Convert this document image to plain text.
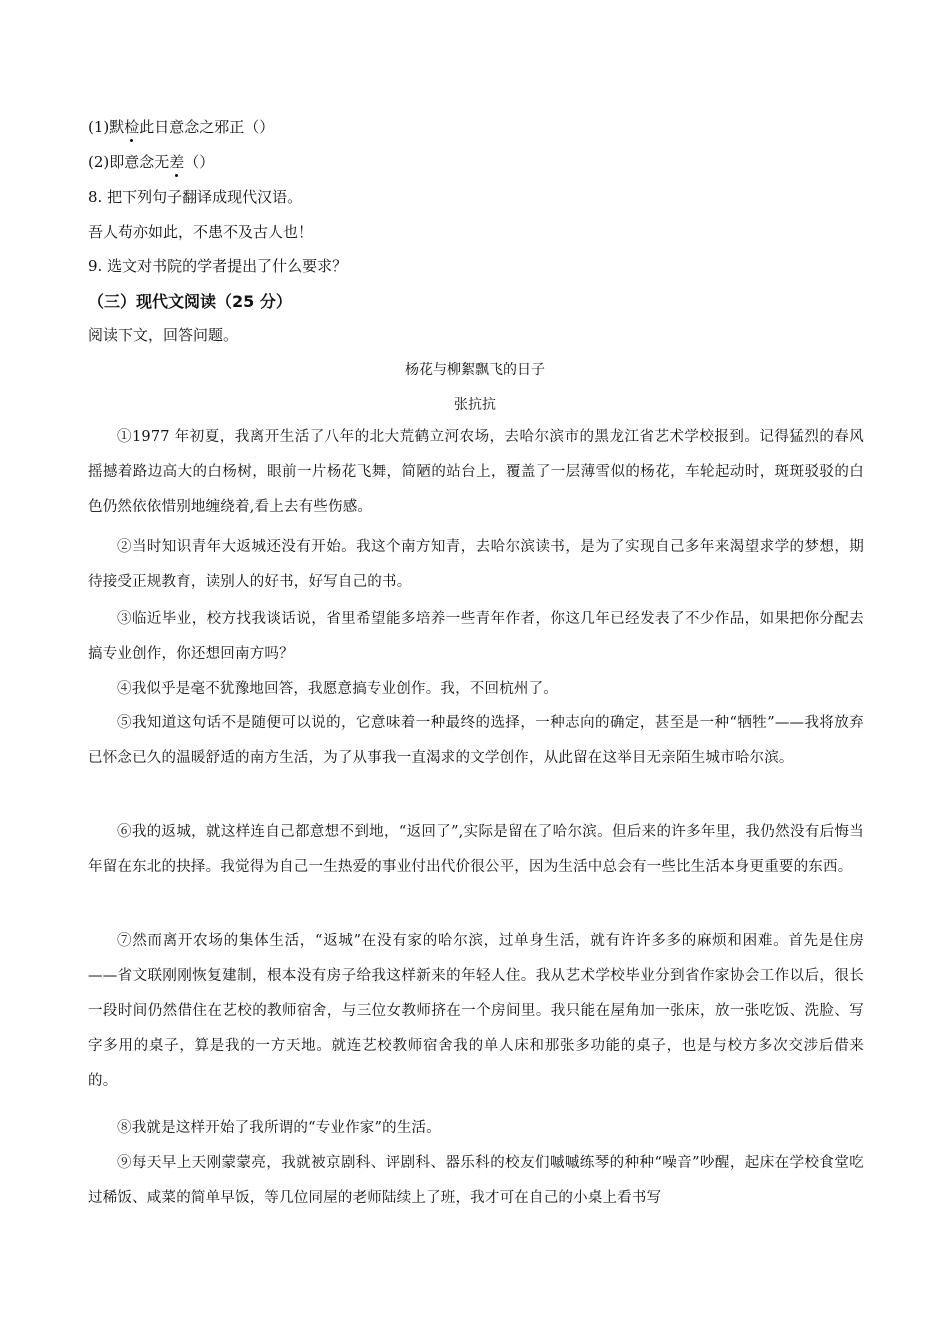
(1)默检此日意念之邪正（）
(2)即意念无差（）
8. 把下列句子翻译成现代汉语。
吾人苟亦如此，不患不及古人也！
9. 选文对书院的学者提出了什么要求？
（三）现代文阅读（25 分）
阅读下文，回答问题。
杨花与柳絮飘飞的日子
张抗抗
①1977 年初夏，我离开生活了八年的北大荒鹤立河农场，去哈尔滨市的黑龙江省艺术学校报到。记得猛烈的春风摇撼着路边高大的白杨树，眼前一片杨花飞舞，简陋的站台上，覆盖了一层薄雪似的杨花，车轮起动时，斑斑驳驳的白色仍然依依惜别地缠绕着,看上去有些伤感。
②当时知识青年大返城还没有开始。我这个南方知青，去哈尔滨读书，是为了实现自己多年来渴望求学的梦想，期待接受正规教育，读别人的好书，好写自己的书。
③临近毕业，校方找我谈话说，省里希望能多培养一些青年作者，你这几年已经发表了不少作品，如果把你分配去搞专业创作，你还想回南方吗？
④我似乎是毫不犹豫地回答，我愿意搞专业创作。我，不回杭州了。
⑤我知道这句话不是随便可以说的，它意味着一种最终的选择，一种志向的确定，甚至是一种“牺牲”——我将放弃已怀念已久的温暖舒适的南方生活，为了从事我一直渴求的文学创作，从此留在这举目无亲陌生城市哈尔滨。
⑥我的返城，就这样连自己都意想不到地，“返回了”,实际是留在了哈尔滨。但后来的许多年里，我仍然没有后悔当年留在东北的抉择。我觉得为自己一生热爱的事业付出代价很公平，因为生活中总会有一些比生活本身更重要的东西。
⑦然而离开农场的集体生活，“返城”在没有家的哈尔滨，过单身生活，就有许许多多的麻烦和困难。首先是住房——省文联刚刚恢复建制，根本没有房子给我这样新来的年轻人住。我从艺术学校毕业分到省作家协会工作以后，很长一段时间仍然借住在艺校的教师宿舍，与三位女教师挤在一个房间里。我只能在屋角加一张床，放一张吃饭、洗脸、写字多用的桌子，算是我的一方天地。就连艺校教师宿舍我的单人床和那张多功能的桌子，也是与校方多次交涉后借来的。
⑧我就是这样开始了我所谓的“专业作家”的生活。
⑨每天早上天刚蒙蒙亮，我就被京剧科、评剧科、器乐科的校友们嘁嘁练琴的种种“噪音”吵醒，起床在学校食堂吃过稀饭、咸菜的简单早饭，等几位同屋的老师陆续上了班，我才可在自己的小桌上看书写
